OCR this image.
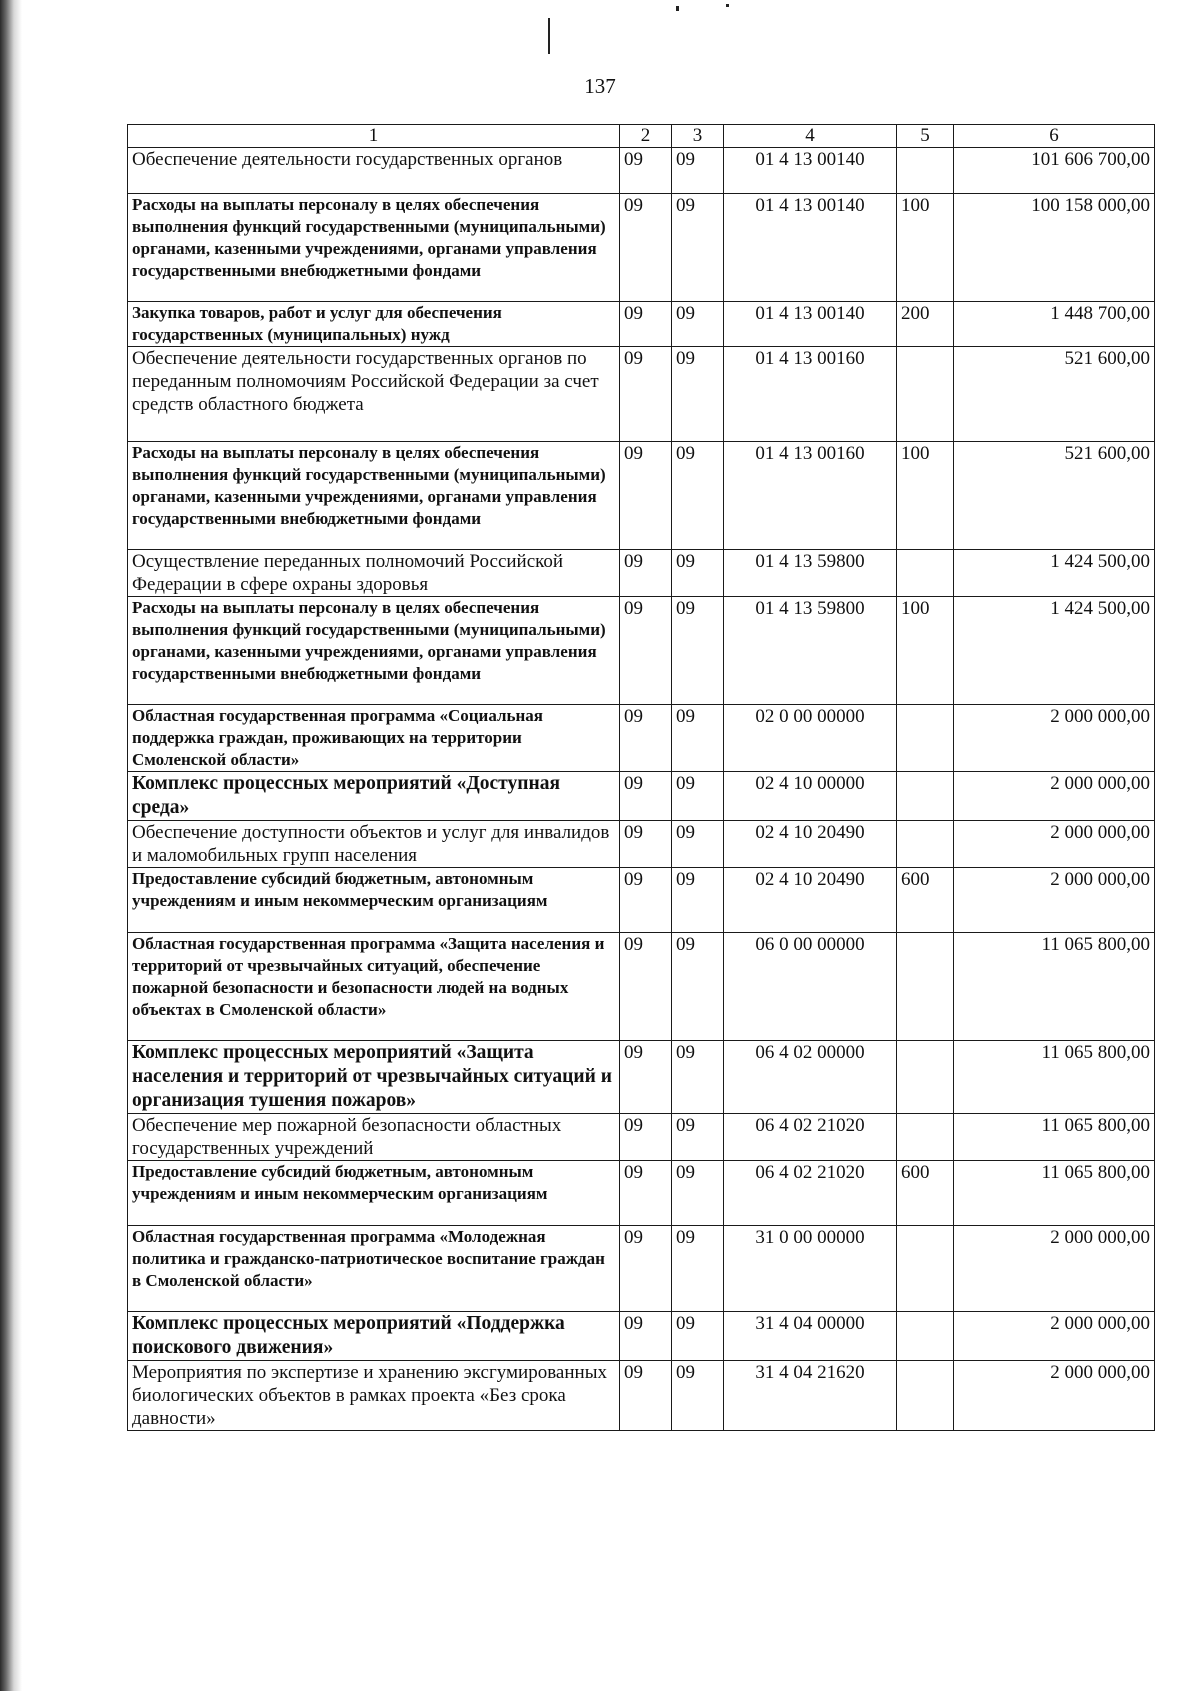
137
1	2	3	4	5	6
Обеспечение деятельности государственных органов	09	09	01 4 13 00140		101 606 700,00
Расходы на выплаты персоналу в целях обеспечения выполнения функций государственными (муниципальными) органами, казенными учреждениями, органами управления государственными внебюджетными фондами	09	09	01 4 13 00140	100	100 158 000,00
Закупка товаров, работ и услуг для обеспечения государственных (муниципальных) нужд	09	09	01 4 13 00140	200	1 448 700,00
Обеспечение деятельности государственных органов по переданным полномочиям Российской Федерации за счет средств областного бюджета	09	09	01 4 13 00160		521 600,00
Расходы на выплаты персоналу в целях обеспечения выполнения функций государственными (муниципальными) органами, казенными учреждениями, органами управления государственными внебюджетными фондами	09	09	01 4 13 00160	100	521 600,00
Осуществление переданных полномочий Российской Федерации в сфере охраны здоровья	09	09	01 4 13 59800		1 424 500,00
Расходы на выплаты персоналу в целях обеспечения выполнения функций государственными (муниципальными) органами, казенными учреждениями, органами управления государственными внебюджетными фондами	09	09	01 4 13 59800	100	1 424 500,00
Областная государственная программа «Социальная поддержка граждан, проживающих на территории Смоленской области»	09	09	02 0 00 00000		2 000 000,00
Комплекс процессных мероприятий «Доступная среда»	09	09	02 4 10 00000		2 000 000,00
Обеспечение доступности объектов и услуг для инвалидов и маломобильных групп населения	09	09	02 4 10 20490		2 000 000,00
Предоставление субсидий бюджетным, автономным учреждениям и иным некоммерческим организациям	09	09	02 4 10 20490	600	2 000 000,00
Областная государственная программа «Защита населения и территорий от чрезвычайных ситуаций, обеспечение пожарной безопасности и безопасности людей на водных объектах в Смоленской области»	09	09	06 0 00 00000		11 065 800,00
Комплекс процессных мероприятий «Защита населения и территорий от чрезвычайных ситуаций и организация тушения пожаров»	09	09	06 4 02 00000		11 065 800,00
Обеспечение мер пожарной безопасности областных государственных учреждений	09	09	06 4 02 21020		11 065 800,00
Предоставление субсидий бюджетным, автономным учреждениям и иным некоммерческим организациям	09	09	06 4 02 21020	600	11 065 800,00
Областная государственная программа «Молодежная политика и гражданско-патриотическое воспитание граждан в Смоленской области»	09	09	31 0 00 00000		2 000 000,00
Комплекс процессных мероприятий «Поддержка поискового движения»	09	09	31 4 04 00000		2 000 000,00
Мероприятия по экспертизе и хранению эксгумированных биологических объектов в рамках проекта «Без срока давности»	09	09	31 4 04 21620		2 000 000,00
